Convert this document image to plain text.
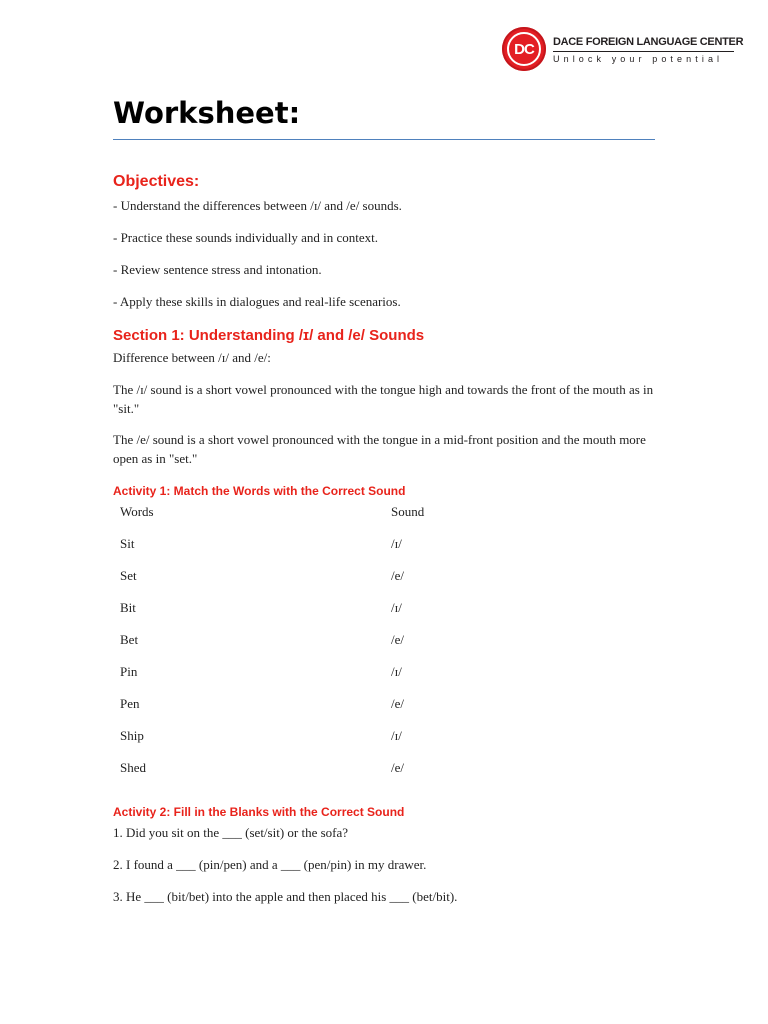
DC	DACE FOREIGN LANGUAGE CENTER
Unlock your potential
Worksheet:
Objectives:

- Understand the differences between /ɪ/ and /e/ sounds.

- Practice these sounds individually and in context.

- Review sentence stress and intonation.

- Apply these skills in dialogues and real-life scenarios.

Section 1: Understanding /ɪ/ and /e/ Sounds

Difference between /ɪ/ and /e/:

The /ɪ/ sound is a short vowel pronounced with the tongue high and towards the front of the mouth as in "sit."

The /e/ sound is a short vowel pronounced with the tongue in a mid-front position and the mouth more open as in "set."

Activity 1: Match the Words with the Correct Sound
Words	Sound
Sit	/ɪ/
Set	/e/
Bit	/ɪ/
Bet	/e/
Pin	/ɪ/
Pen	/e/
Ship	/ɪ/
Shed	/e/
Activity 2: Fill in the Blanks with the Correct Sound

1. Did you sit on the ___ (set/sit) or the sofa?

2. I found a ___ (pin/pen) and a ___ (pen/pin) in my drawer.

3. He ___ (bit/bet) into the apple and then placed his ___ (bet/bit).
